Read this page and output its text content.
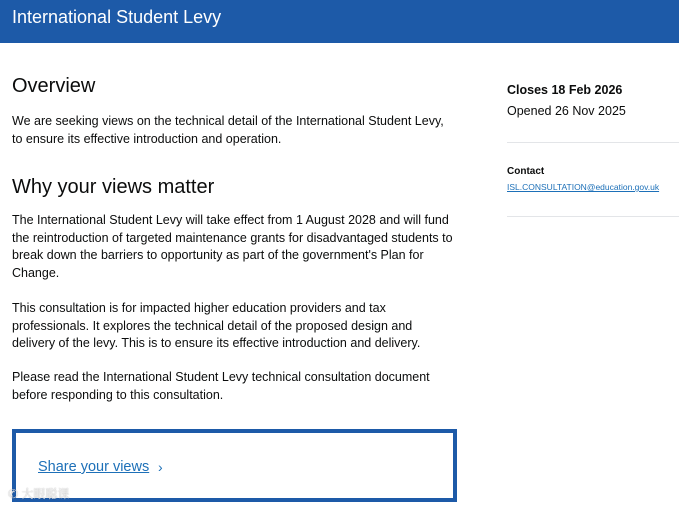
International Student Levy
Overview

We are seeking views on the technical detail of the International Student Levy, to ensure its effective introduction and operation.

Why your views matter

The International Student Levy will take effect from 1 August 2028 and will fund the reintroduction of targeted maintenance grants for disadvantaged students to break down the barriers to opportunity as part of the government's Plan for Change.

This consultation is for impacted higher education providers and tax professionals. It explores the technical detail of the proposed design and delivery of the levy. This is to ensure its effective introduction and delivery.

Please read the International Student Levy technical consultation document before responding to this consultation.

Share your views ›
Closes 18 Feb 2026
Opened 26 Nov 2025
Contact
ISL.CONSULTATION@education.gov.uk
✆ 大眼聪课
